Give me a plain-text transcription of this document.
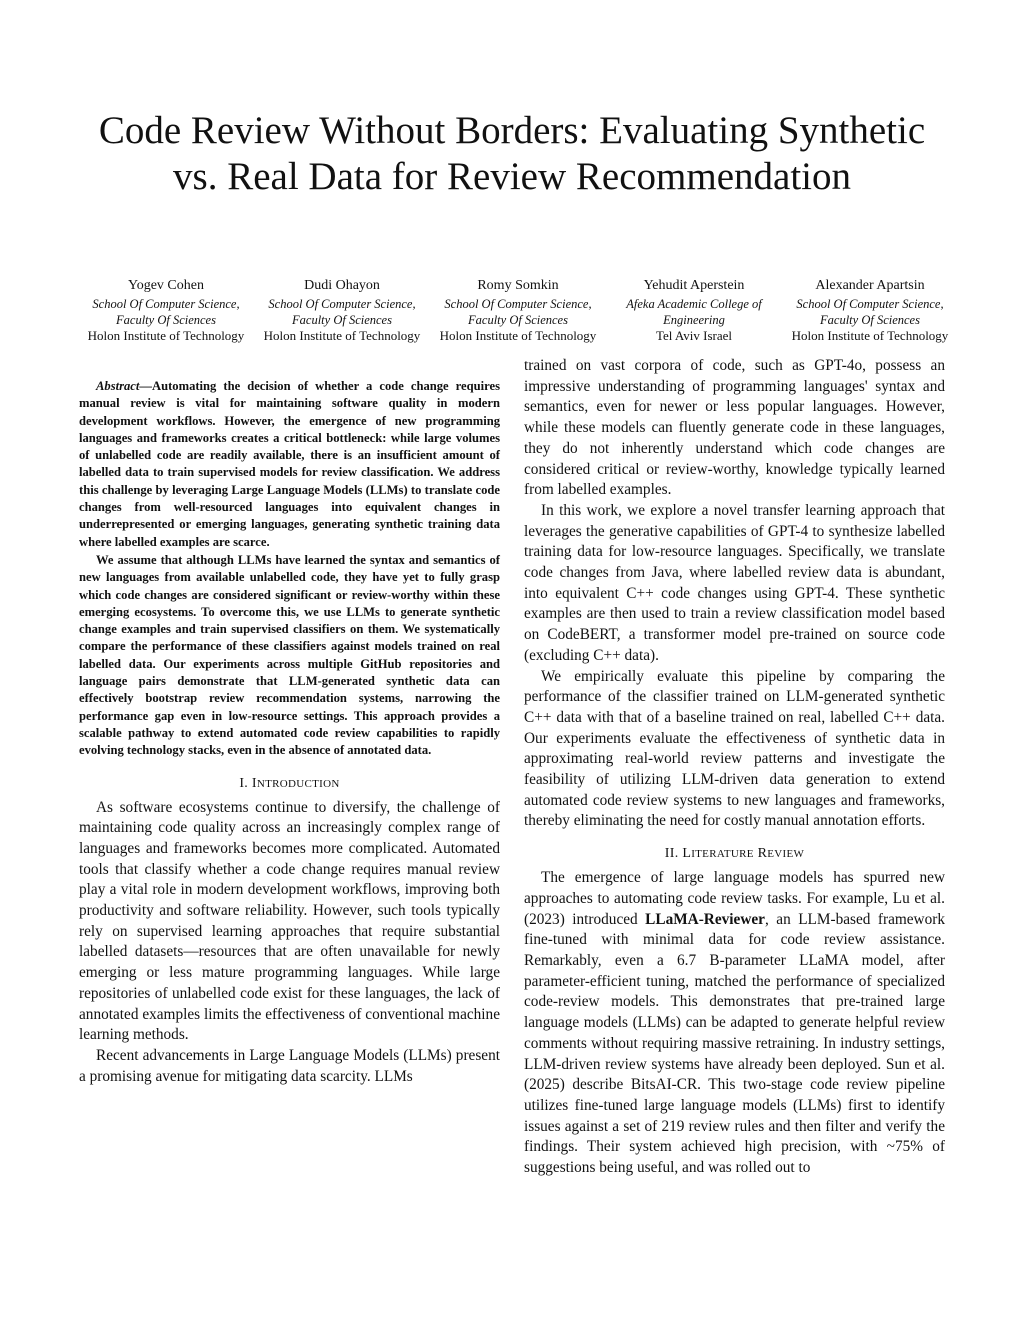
Code Review Without Borders: Evaluating Synthetic vs. Real Data for Review Recommendation
Yogev Cohen
School Of Computer Science,
Faculty Of Sciences
Holon Institute of Technology
Dudi Ohayon
School Of Computer Science,
Faculty Of Sciences
Holon Institute of Technology
Romy Somkin
School Of Computer Science,
Faculty Of Sciences
Holon Institute of Technology
Yehudit Aperstein
Afeka Academic College of
Engineering
Tel Aviv Israel
Alexander Apartsin
School Of Computer Science,
Faculty Of Sciences
Holon Institute of Technology

Abstract—Automating the decision of whether a code change requires manual review is vital for maintaining software quality in modern development workflows. However, the emergence of new programming languages and frameworks creates a critical bottleneck: while large volumes of unlabelled code are readily available, there is an insufficient amount of labelled data to train supervised models for review classification. We address this challenge by leveraging Large Language Models (LLMs) to translate code changes from well-resourced languages into equivalent changes in underrepresented or emerging languages, generating synthetic training data where labelled examples are scarce.

We assume that although LLMs have learned the syntax and semantics of new languages from available unlabelled code, they have yet to fully grasp which code changes are considered significant or review-worthy within these emerging ecosystems. To overcome this, we use LLMs to generate synthetic change examples and train supervised classifiers on them. We systematically compare the performance of these classifiers against models trained on real labelled data. Our experiments across multiple GitHub repositories and language pairs demonstrate that LLM-generated synthetic data can effectively bootstrap review recommendation systems, narrowing the performance gap even in low-resource settings. This approach provides a scalable pathway to extend automated code review capabilities to rapidly evolving technology stacks, even in the absence of annotated data.

I. INTRODUCTION

As software ecosystems continue to diversify, the challenge of maintaining code quality across an increasingly complex range of languages and frameworks becomes more complicated. Automated tools that classify whether a code change requires manual review play a vital role in modern development workflows, improving both productivity and software reliability. However, such tools typically rely on supervised learning approaches that require substantial labelled datasets—resources that are often unavailable for newly emerging or less mature programming languages. While large repositories of unlabelled code exist for these languages, the lack of annotated examples limits the effectiveness of conventional machine learning methods.

Recent advancements in Large Language Models (LLMs) present a promising avenue for mitigating data scarcity. LLMs

trained on vast corpora of code, such as GPT-4o, possess an impressive understanding of programming languages' syntax and semantics, even for newer or less popular languages. However, while these models can fluently generate code in these languages, they do not inherently understand which code changes are considered critical or review-worthy, knowledge typically learned from labelled examples.

In this work, we explore a novel transfer learning approach that leverages the generative capabilities of GPT-4 to synthesize labelled training data for low-resource languages. Specifically, we translate code changes from Java, where labelled review data is abundant, into equivalent C++ code changes using GPT-4. These synthetic examples are then used to train a review classification model based on CodeBERT, a transformer model pre-trained on source code (excluding C++ data).

We empirically evaluate this pipeline by comparing the performance of the classifier trained on LLM-generated synthetic C++ data with that of a baseline trained on real, labelled C++ data. Our experiments evaluate the effectiveness of synthetic data in approximating real-world review patterns and investigate the feasibility of utilizing LLM-driven data generation to extend automated code review systems to new languages and frameworks, thereby eliminating the need for costly manual annotation efforts.

II. LITERATURE REVIEW

The emergence of large language models has spurred new approaches to automating code review tasks. For example, Lu et al. (2023) introduced LLaMA-Reviewer, an LLM-based framework fine-tuned with minimal data for code review assistance. Remarkably, even a 6.7 B-parameter LLaMA model, after parameter-efficient tuning, matched the performance of specialized code-review models. This demonstrates that pre-trained large language models (LLMs) can be adapted to generate helpful review comments without requiring massive retraining. In industry settings, LLM-driven review systems have already been deployed. Sun et al. (2025) describe BitsAI-CR. This two-stage code review pipeline utilizes fine-tuned large language models (LLMs) first to identify issues against a set of 219 review rules and then filter and verify the findings. Their system achieved high precision, with ~75% of suggestions being useful, and was rolled out to
